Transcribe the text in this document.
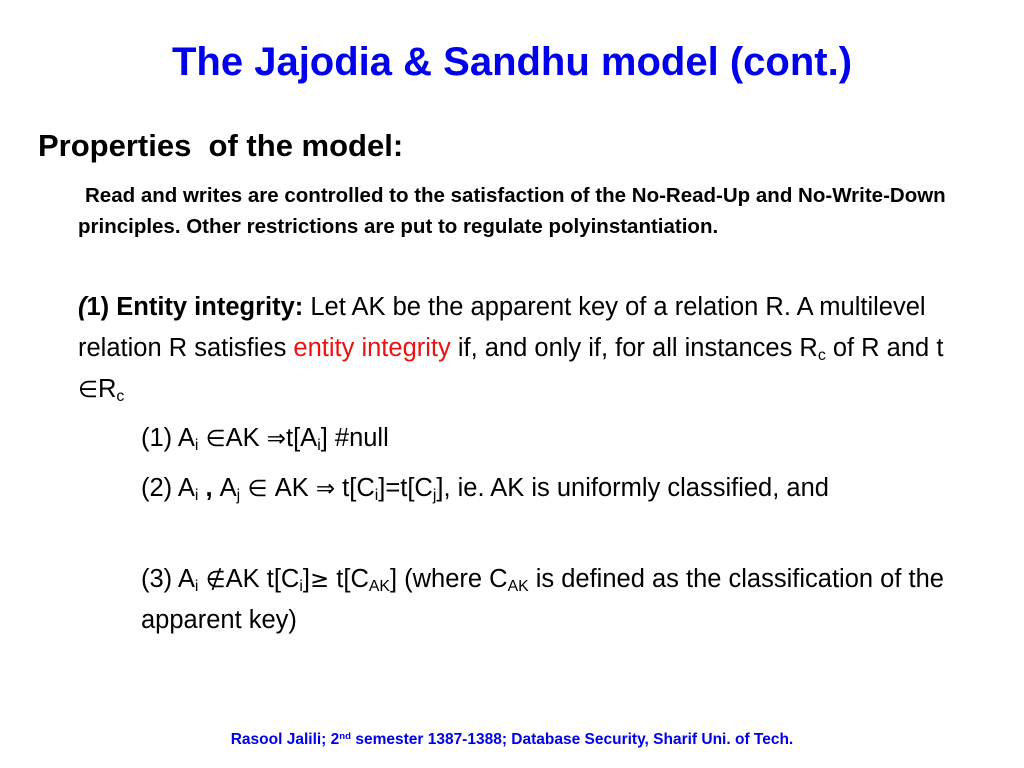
The Jajodia & Sandhu model (cont.)
Properties  of the model:
Read and writes are controlled to the satisfaction of the No-Read-Up and No-Write-Down principles. Other restrictions are put to regulate polyinstantiation.
(1) Entity integrity: Let AK be the apparent key of a relation R. A multilevel relation R satisfies entity integrity if, and only if, for all instances $R_c$ of R and t $\in R_c$
(1) $A_i$ ∈AK $\Rightarrow t[A_i]$ #null
(2) $A_i$ , $A_j$ ∈ AK ⇒ $t[C_i]=t[C_j]$, ie. AK is uniformly classified, and
(3) $A_i$ ∉AK $t[C_i]\ge t[C_{AK}]$ (where $C_{AK}$ is defined as the classification of the apparent key)
Rasool Jalili; 2nd semester 1387-1388; Database Security, Sharif Uni. of Tech.
